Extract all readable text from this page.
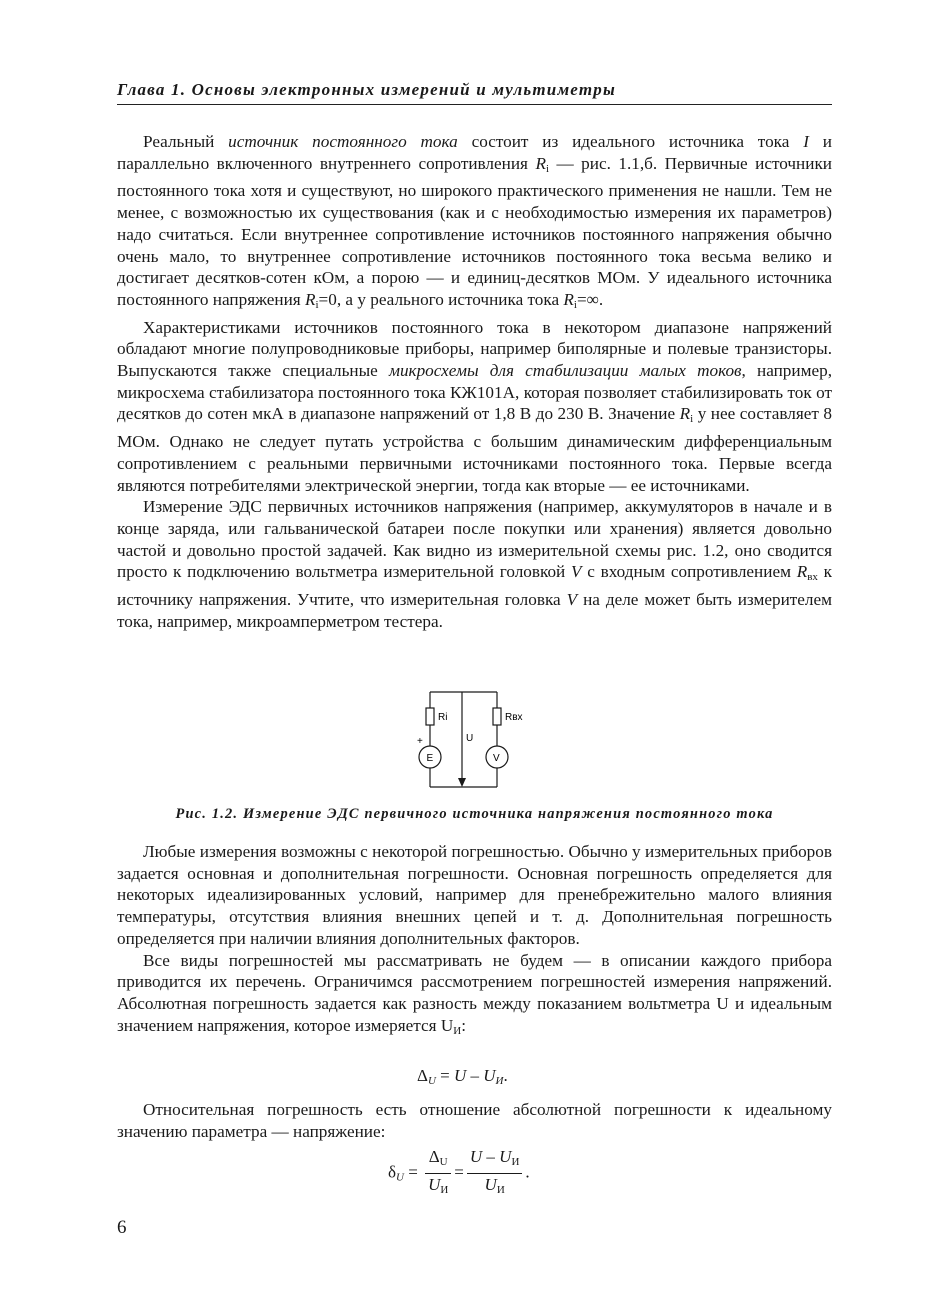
Глава 1. Основы электронных измерений и мультиметры

Реальный источник постоянного тока состоит из идеального источника тока I и параллельно включенного внутреннего сопротивления $R_i$ — рис. 1.1,б. Первичные источники постоянного тока хотя и существуют, но широкого практического применения не нашли. Тем не менее, с возможностью их существования (как и с необходимостью измерения их параметров) надо считаться. Если внутреннее сопротивление источников постоянного напряжения обычно очень мало, то внутреннее сопротивление источников постоянного тока весьма велико и достигает десятков-сотен кОм, а порою — и единиц-десятков МОм. У идеального источника постоянного напряжения $R_i=0$, а у реального источника тока $R_i=\infty$.

Характеристиками источников постоянного тока в некотором диапазоне напряжений обладают многие полупроводниковые приборы, например биполярные и полевые транзисторы. Выпускаются также специальные микросхемы для стабилизации малых токов, например, микросхема стабилизатора постоянного тока КЖ101А, которая позволяет стабилизировать ток от десятков до сотен мкА в диапазоне напряжений от 1,8 В до 230 В. Значение $R_i$ у нее составляет 8 МОм. Однако не следует путать устройства с большим динамическим дифференциальным сопротивлением с реальными первичными источниками постоянного тока. Первые всегда являются потребителями электрической энергии, тогда как вторые — ее источниками.

Измерение ЭДС первичных источников напряжения (например, аккумуляторов в начале и в конце заряда, или гальванической батареи после покупки или хранения) является довольно частой и довольно простой задачей. Как видно из измерительной схемы рис. 1.2, оно сводится просто к подключению вольтметра измерительной головкой V с входным сопротивлением $R_{вх}$ к источнику напряжения. Учтите, что измерительная головка V на деле может быть измерителем тока, например, микроамперметром тестера.

Ri	Rвх
U
+
E	V
Рис. 1.2. Измерение ЭДС первичного источника напряжения постоянного тока

Любые измерения возможны с некоторой погрешностью. Обычно у измерительных приборов задается основная и дополнительная погрешности. Основная погрешность определяется для некоторых идеализированных условий, например для пренебрежительно малого влияния температуры, отсутствия влияния внешних цепей и т. д. Дополнительная погрешность определяется при наличии влияния дополнительных факторов.

Все виды погрешностей мы рассматривать не будем — в описании каждого прибора приводится их перечень. Ограничимся рассмотрением погрешностей измерения напряжений. Абсолютная погрешность задается как разность между показанием вольтметра U и идеальным значением напряжения, которое измеряется $U_И$:

$\Delta_U = U - U_И$.

Относительная погрешность есть отношение абсолютной погрешности к идеальному значению параметра — напряжение:

$\delta_U = \frac{\Delta_U}{U_И} = \frac{U - U_И}{U_И}$ .
6
